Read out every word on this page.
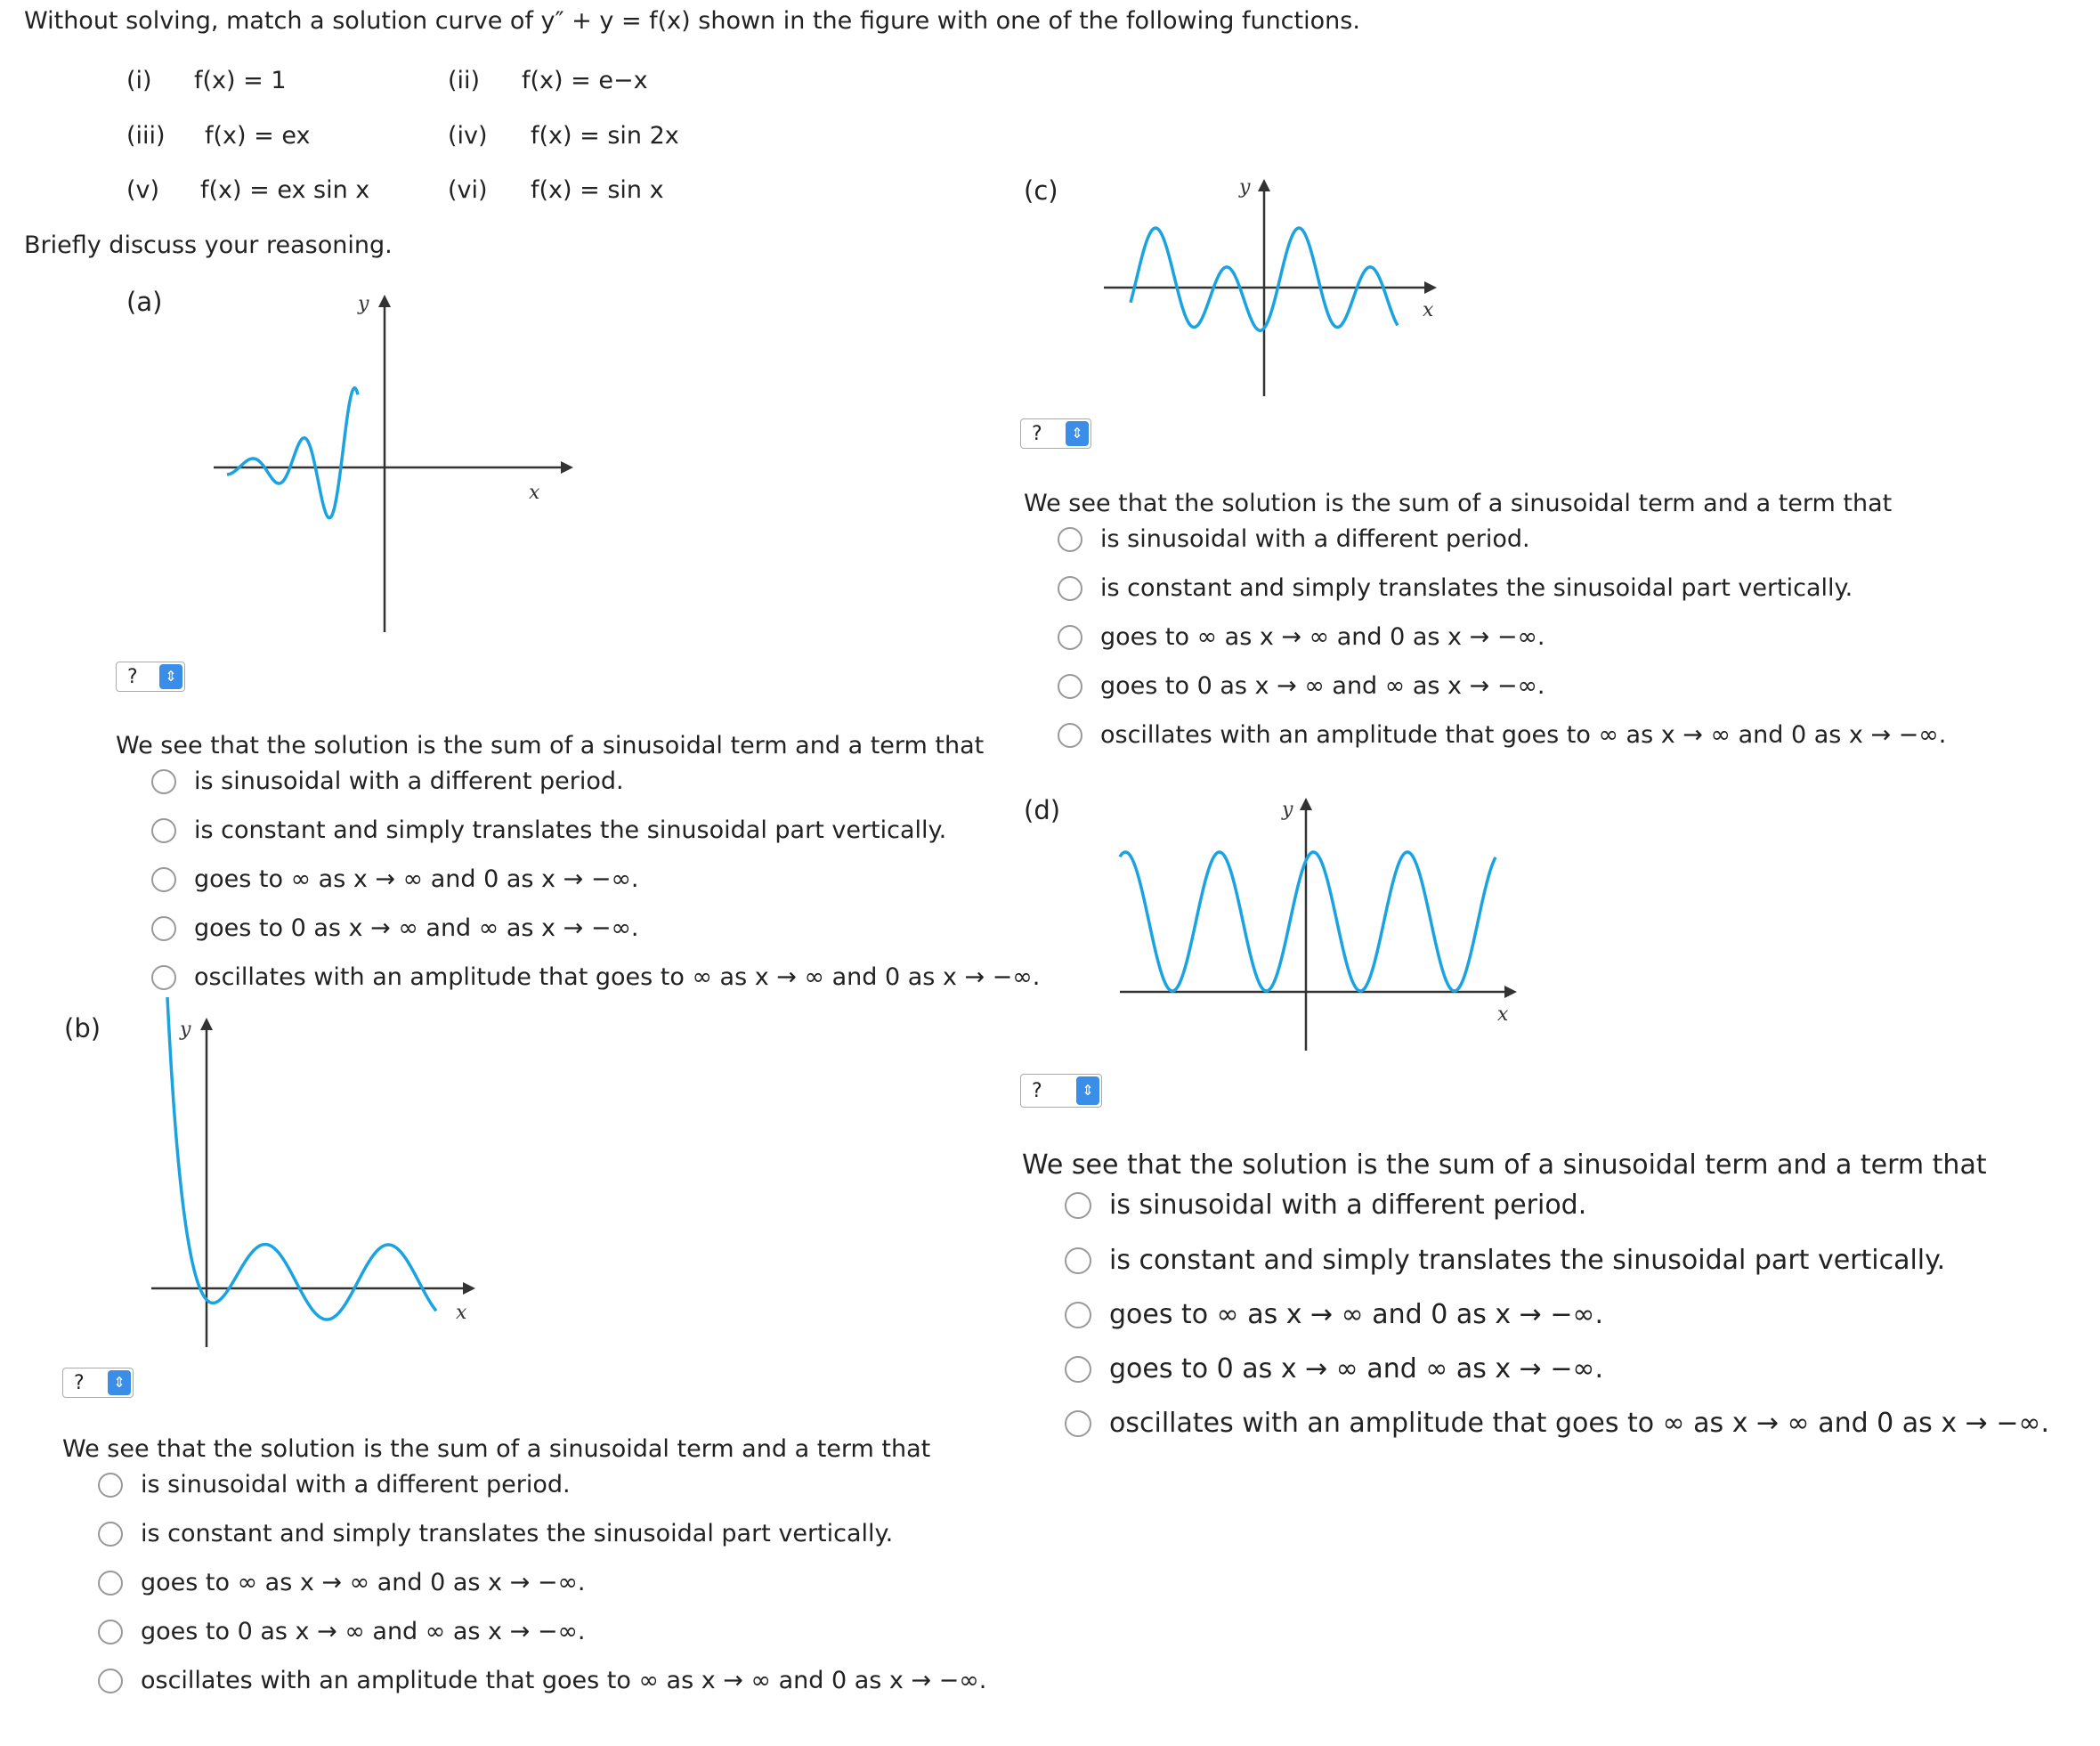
Without solving, match a solution curve of y″ + y = f(x) shown in the figure with one of the following functions.
(i) f(x) = 1	(ii) f(x) = e−x
(iii) f(x) = ex	(iv) f(x) = sin 2x
(v) f(x) = ex sin x	(vi) f(x) = sin x
Briefly discuss your reasoning.
(a)	y
x
?	⇕
We see that the solution is the sum of a sinusoidal term and a term that
is sinusoidal with a different period.
is constant and simply translates the sinusoidal part vertically.
goes to ∞ as x → ∞ and 0 as x → −∞.
goes to 0 as x → ∞ and ∞ as x → −∞.
oscillates with an amplitude that goes to ∞ as x → ∞ and 0 as x → −∞.
(b)	y
x
?	⇕
We see that the solution is the sum of a sinusoidal term and a term that
is sinusoidal with a different period.
is constant and simply translates the sinusoidal part vertically.
goes to ∞ as x → ∞ and 0 as x → −∞.
goes to 0 as x → ∞ and ∞ as x → −∞.
oscillates with an amplitude that goes to ∞ as x → ∞ and 0 as x → −∞.
(c)	y
x
?	⇕
We see that the solution is the sum of a sinusoidal term and a term that
is sinusoidal with a different period.
is constant and simply translates the sinusoidal part vertically.
goes to ∞ as x → ∞ and 0 as x → −∞.
goes to 0 as x → ∞ and ∞ as x → −∞.
oscillates with an amplitude that goes to ∞ as x → ∞ and 0 as x → −∞.
(d)	y
x
?	⇕
We see that the solution is the sum of a sinusoidal term and a term that
is sinusoidal with a different period.
is constant and simply translates the sinusoidal part vertically.
goes to ∞ as x → ∞ and 0 as x → −∞.
goes to 0 as x → ∞ and ∞ as x → −∞.
oscillates with an amplitude that goes to ∞ as x → ∞ and 0 as x → −∞.
